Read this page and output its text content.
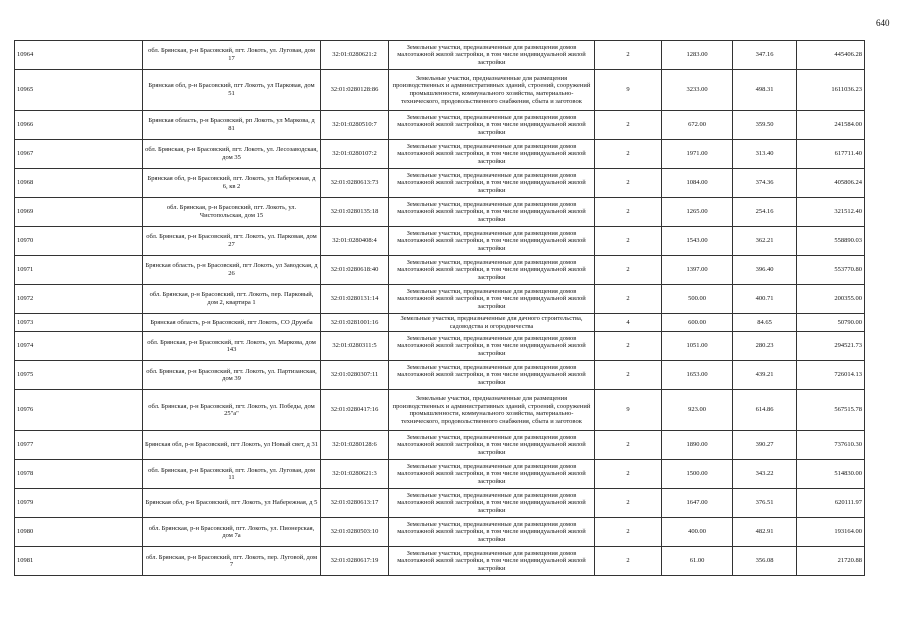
640
10964	обл. Брянская, р-н Брасовский, пгт. Локоть, ул. Луговая, дом 17	32:01:0280621:2	Земельные участки, предназначенные для размещения домов малоэтажной жилой застройки, в том числе индивидуальной жилой застройки	2	1283.00	347.16	445406.28
10965	Брянская обл, р-н Брасовский, пгт Локоть, ул Парковая, дом 51	32:01:0280128:86	Земельные участки, предназначенные для размещения производственных и административных зданий, строений, сооружений промышленности, коммунального хозяйства, материально-технического, продовольственного снабжения, сбыта и заготовок	9	3233.00	498.31	1611036.23
10966	Брянская область, р-н Брасовский, рп Локоть, ул Маркова, д 81	32:01:0280510:7	Земельные участки, предназначенные для размещения домов малоэтажной жилой застройки, в том числе индивидуальной жилой застройки	2	672.00	359.50	241584.00
10967	обл. Брянская, р-н Брасовский, пгт. Локоть, ул. Лесозаводская, дом 35	32:01:0280107:2	Земельные участки, предназначенные для размещения домов малоэтажной жилой застройки, в том числе индивидуальной жилой застройки	2	1971.00	313.40	617711.40
10968	Брянская обл, р-н Брасовский, пгт. Локоть, ул Набережная, д 6, кв 2	32:01:0280613:73	Земельные участки, предназначенные для размещения домов малоэтажной жилой застройки, в том числе индивидуальной жилой застройки	2	1084.00	374.36	405806.24
10969	обл. Брянская, р-н Брасовский, пгт. Локоть, ул. Чистопольская, дом 15	32:01:0280135:18	Земельные участки, предназначенные для размещения домов малоэтажной жилой застройки, в том числе индивидуальной жилой застройки	2	1265.00	254.16	321512.40
10970	обл. Брянская, р-н Брасовский, пгт. Локоть, ул. Парковая, дом 27	32:01:0280408:4	Земельные участки, предназначенные для размещения домов малоэтажной жилой застройки, в том числе индивидуальной жилой застройки	2	1543.00	362.21	558890.03
10971	Брянская область, р-н Брасовский, пгт Локоть, ул Заводская, д 26	32:01:0280618:40	Земельные участки, предназначенные для размещения домов малоэтажной жилой застройки, в том числе индивидуальной жилой застройки	2	1397.00	396.40	553770.80
10972	обл. Брянская, р-н Брасовский, пгт. Локоть, пер. Парковый, дом 2, квартира 1	32:01:0280131:14	Земельные участки, предназначенные для размещения домов малоэтажной жилой застройки, в том числе индивидуальной жилой застройки	2	500.00	400.71	200355.00
10973	Брянская область, р-н Брасовский, пгт Локоть, СО Дружба	32:01:0281001:16	Земельные участки, предназначенные для дачного строительства, садоводства и огородничества	4	600.00	84.65	50790.00
10974	обл. Брянская, р-н Брасовский, пгт. Локоть, ул. Маркова, дом 143	32:01:0280311:5	Земельные участки, предназначенные для размещения домов малоэтажной жилой застройки, в том числе индивидуальной жилой застройки	2	1051.00	280.23	294521.73
10975	обл. Брянская, р-н Брасовский, пгт. Локоть, ул. Партизанская, дом 39	32:01:0280307:11	Земельные участки, предназначенные для размещения домов малоэтажной жилой застройки, в том числе индивидуальной жилой застройки	2	1653.00	439.21	726014.13
10976	обл. Брянская, р-н Брасовский, пгт. Локоть, ул. Победы, дом 25"а"	32:01:0280417:16	Земельные участки, предназначенные для размещения производственных и административных зданий, строений, сооружений промышленности, коммунального хозяйства, материально-технического, продовольственного снабжения, сбыта и заготовок	9	923.00	614.86	567515.78
10977	Брянская обл, р-н Брасовский, пгт Локоть, ул Новый свет, д 31	32:01:0280128:6	Земельные участки, предназначенные для размещения домов малоэтажной жилой застройки, в том числе индивидуальной жилой застройки	2	1890.00	390.27	737610.30
10978	обл. Брянская, р-н Брасовский, пгт. Локоть, ул. Луговая, дом 11	32:01:0280621:3	Земельные участки, предназначенные для размещения домов малоэтажной жилой застройки, в том числе индивидуальной жилой застройки	2	1500.00	343.22	514830.00
10979	Брянская обл, р-н Брасовский, пгт Локоть, ул Набережная, д 5	32:01:0280613:17	Земельные участки, предназначенные для размещения домов малоэтажной жилой застройки, в том числе индивидуальной жилой застройки	2	1647.00	376.51	620111.97
10980	обл. Брянская, р-н Брасовский, пгт. Локоть, ул. Пионерская, дом 7а	32:01:0280503:10	Земельные участки, предназначенные для размещения домов малоэтажной жилой застройки, в том числе индивидуальной жилой застройки	2	400.00	482.91	193164.00
10981	обл. Брянская, р-н Брасовский, пгт. Локоть, пер. Луговой, дом 7	32:01:0280617:19	Земельные участки, предназначенные для размещения домов малоэтажной жилой застройки, в том числе индивидуальной жилой застройки	2	61.00	356.08	21720.88
